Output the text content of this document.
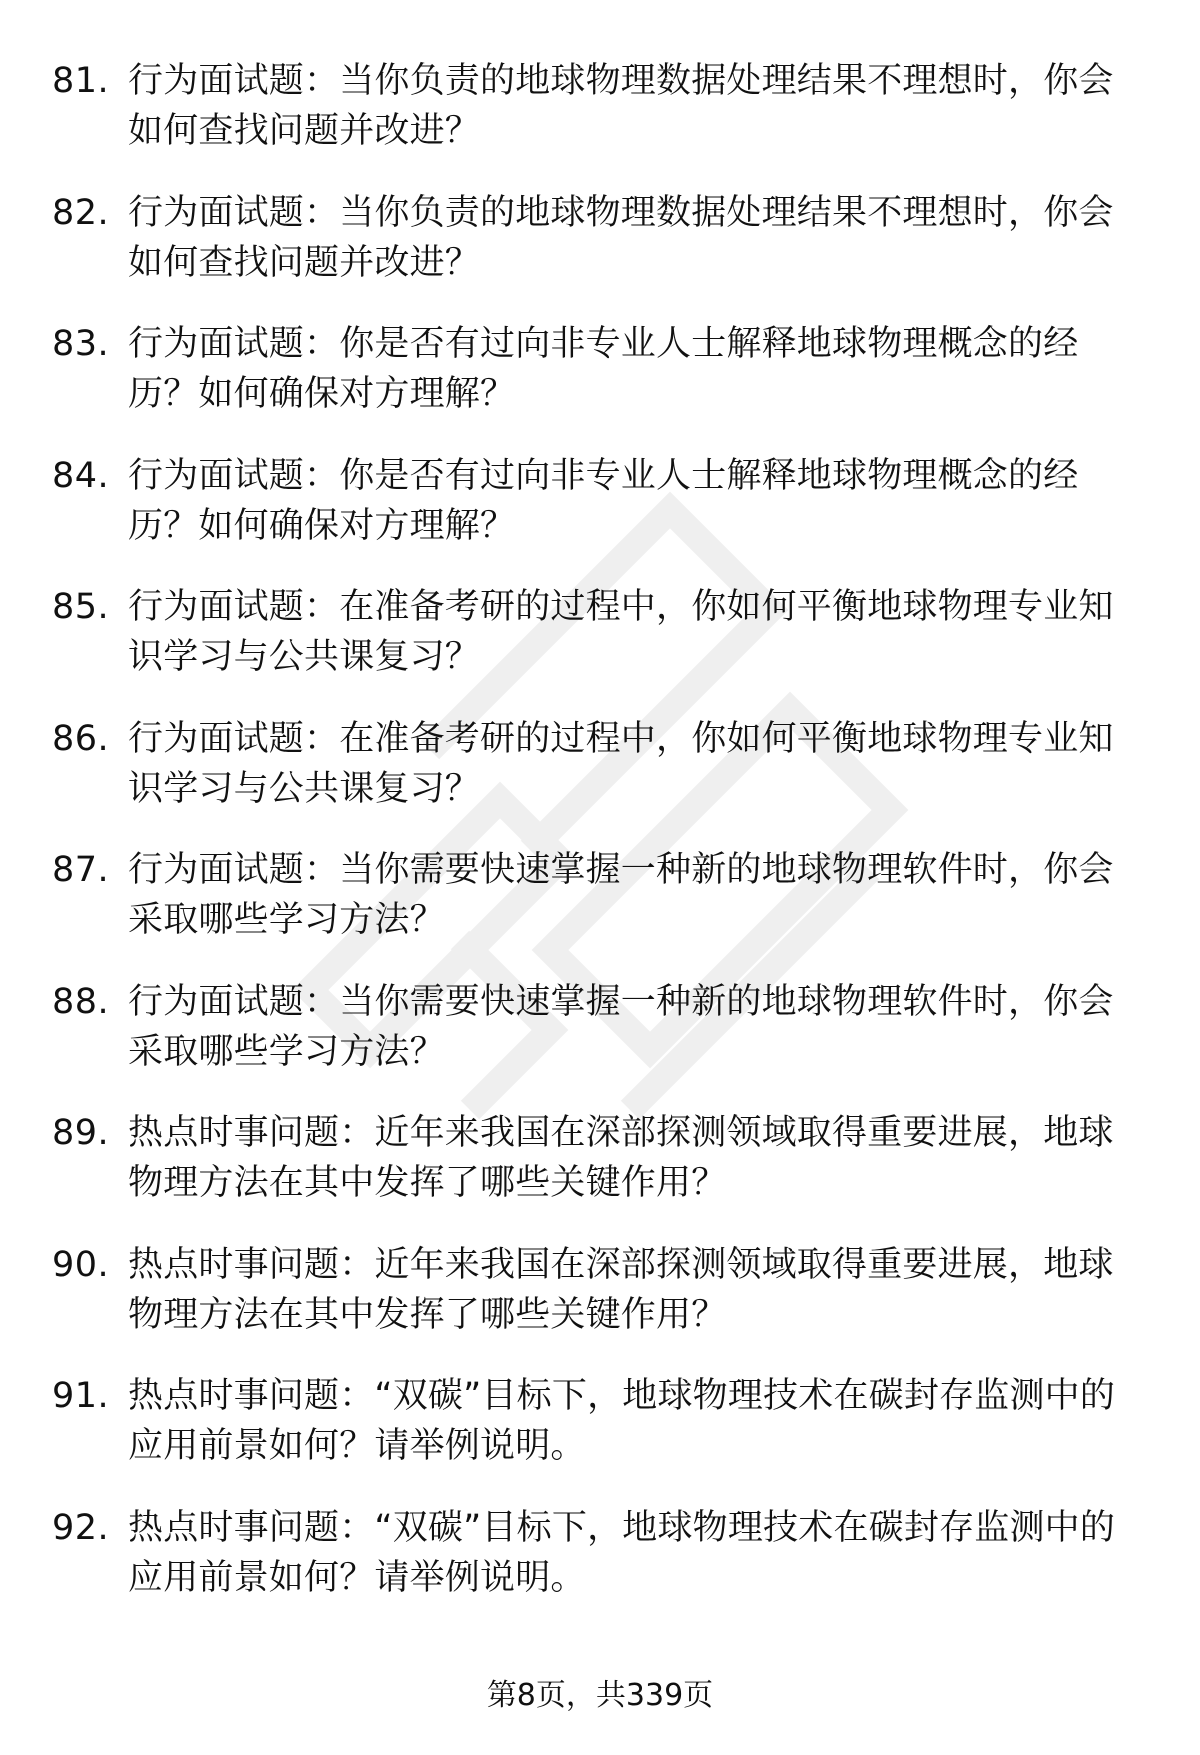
81. 行为面试题：当你负责的地球物理数据处理结果不理想时，你会如何查找问题并改进？
82. 行为面试题：当你负责的地球物理数据处理结果不理想时，你会如何查找问题并改进？
83. 行为面试题：你是否有过向非专业人士解释地球物理概念的经历？如何确保对方理解？
84. 行为面试题：你是否有过向非专业人士解释地球物理概念的经历？如何确保对方理解？
85. 行为面试题：在准备考研的过程中，你如何平衡地球物理专业知识学习与公共课复习？
86. 行为面试题：在准备考研的过程中，你如何平衡地球物理专业知识学习与公共课复习？
87. 行为面试题：当你需要快速掌握一种新的地球物理软件时，你会采取哪些学习方法？
88. 行为面试题：当你需要快速掌握一种新的地球物理软件时，你会采取哪些学习方法？
89. 热点时事问题：近年来我国在深部探测领域取得重要进展，地球物理方法在其中发挥了哪些关键作用？
90. 热点时事问题：近年来我国在深部探测领域取得重要进展，地球物理方法在其中发挥了哪些关键作用？
91. 热点时事问题：“双碳”目标下，地球物理技术在碳封存监测中的应用前景如何？请举例说明。
92. 热点时事问题：“双碳”目标下，地球物理技术在碳封存监测中的应用前景如何？请举例说明。
第8页，共339页
